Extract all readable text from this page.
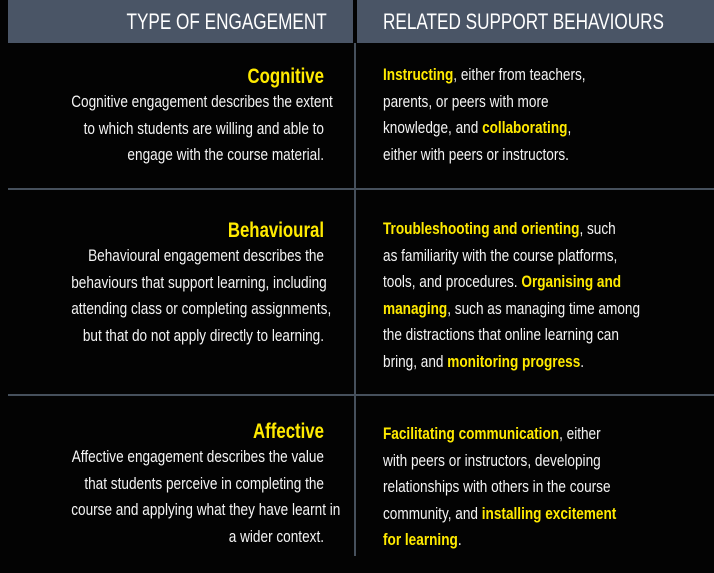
TYPE OF ENGAGEMENT	RELATED SUPPORT BEHAVIOURS
Cognitive
Cognitive engagement describes the extent
to which students are willing and able to
engage with the course material.
Instructing, either from teachers,
parents, or peers with more
knowledge, and collaborating,
either with peers or instructors.
Behavioural
Behavioural engagement describes the
behaviours that support learning, including
attending class or completing assignments,
but that do not apply directly to learning.
Troubleshooting and orienting, such
as familiarity with the course platforms,
tools, and procedures. Organising and
managing, such as managing time among
the distractions that online learning can
bring, and monitoring progress.
Affective
Affective engagement describes the value
that students perceive in completing the
course and applying what they have learnt in
a wider context.
Facilitating communication, either
with peers or instructors, developing
relationships with others in the course
community, and installing excitement
for learning.
